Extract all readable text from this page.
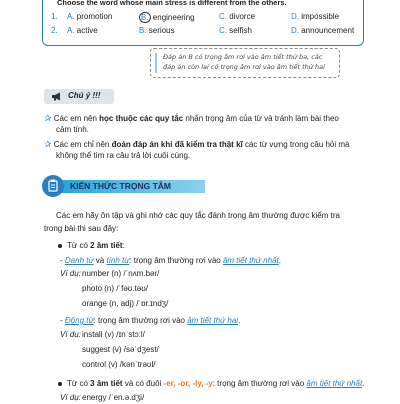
Choose the word whose main stress is different from the others.
1.	A. promotion	B. engineering	C. divorce	D. impossible
2.	A. active	B. serious	C. selfish	D. announcement
Đáp án B có trọng âm rơi vào âm tiết thứ ba, các
đáp án còn lại có trọng âm rơi vào âm tiết thứ hai
Chú ý !!!
✰ Các em nên học thuộc các quy tắc nhấn trọng âm của từ và tránh làm bài theo
cảm tính.
✰ Các em chỉ nên đoán đáp án khi đã kiểm tra thật kĩ các từ vựng trong câu hỏi mà
không thể tìm ra câu trả lời cuối cùng.
KIẾN THỨC TRỌNG TÂM
Các em hãy ôn tập và ghi nhớ các quy tắc đánh trọng âm thường được kiểm tra
trong bài thi sau đây:
Từ có 2 âm tiết:
- Danh từ và tính từ: trọng âm thường rơi vào âm tiết thứ nhất.
Ví dụ: number (n) /ˈnʌm.bər/
photo (n) /ˈfəʊ.təʊ/
orange (n, adj) /ˈɒr.ɪndʒ/
- Động từ: trọng âm thường rơi vào âm tiết thứ hai.
Ví dụ: install (v) /ɪnˈstɔːl/
suggest (v) /səˈdʒest/
control (v) /kənˈtrəʊl/
Từ có 3 âm tiết và có đuôi -er, -or, -ly, -y: trọng âm thường rơi vào âm tiết thứ nhất.
Ví dụ: energy /ˈen.ə.dʒi/
